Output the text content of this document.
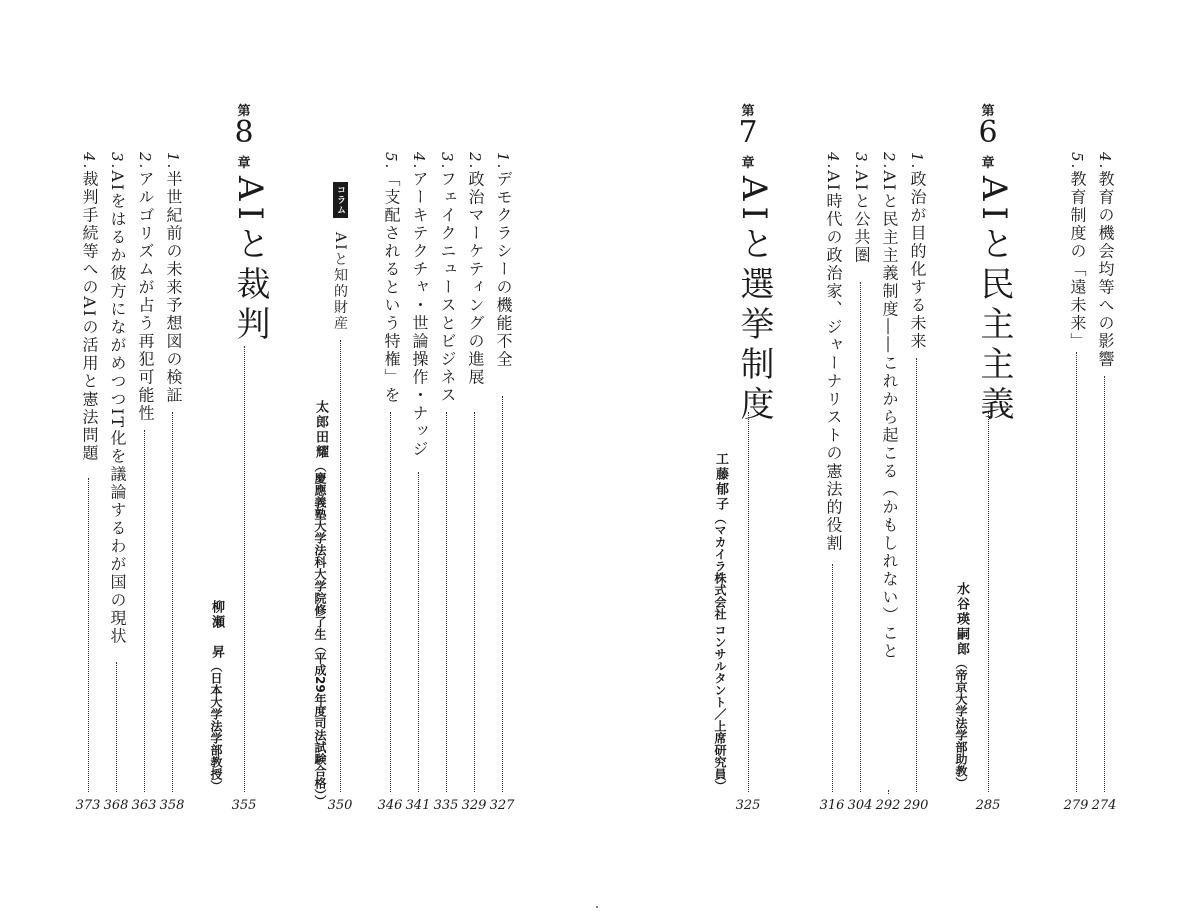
4.教育の機会均等への影響
274
5.教育制度の「遠未来」
279
第
6
章
AIと民主主義
285
水谷瑛嗣郎（帝京大学法学部助教）
1.政治が目的化する未来
290
2.AIと民主主義制度――これから起こる（かもしれない）こと
292
3.AIと公共圏
304
4.AI時代の政治家、ジャーナリストの憲法的役割
316
第
7
章
AIと選挙制度
325
工藤郁子（マカイラ株式会社 コンサルタント／上席研究員）
1.デモクラシーの機能不全
327
2.政治マーケティングの進展
329
3.フェイクニュースとビジネス
335
4.アーキテクチャ・世論操作・ナッジ
341
5.「支配されるという特権」を
346
コラム
AIと知的財産
350
太郎田耀（慶應義塾大学法科大学院修了生（平成29年度司法試験合格））
第
8
章
AIと裁判
355
柳瀬　昇（日本大学法学部教授）
1.半世紀前の未来予想図の検証
358
2.アルゴリズムが占う再犯可能性
363
3.AIをはるか彼方にながめつつIT化を議論するわが国の現状
368
4.裁判手続等へのAIの活用と憲法問題
373
